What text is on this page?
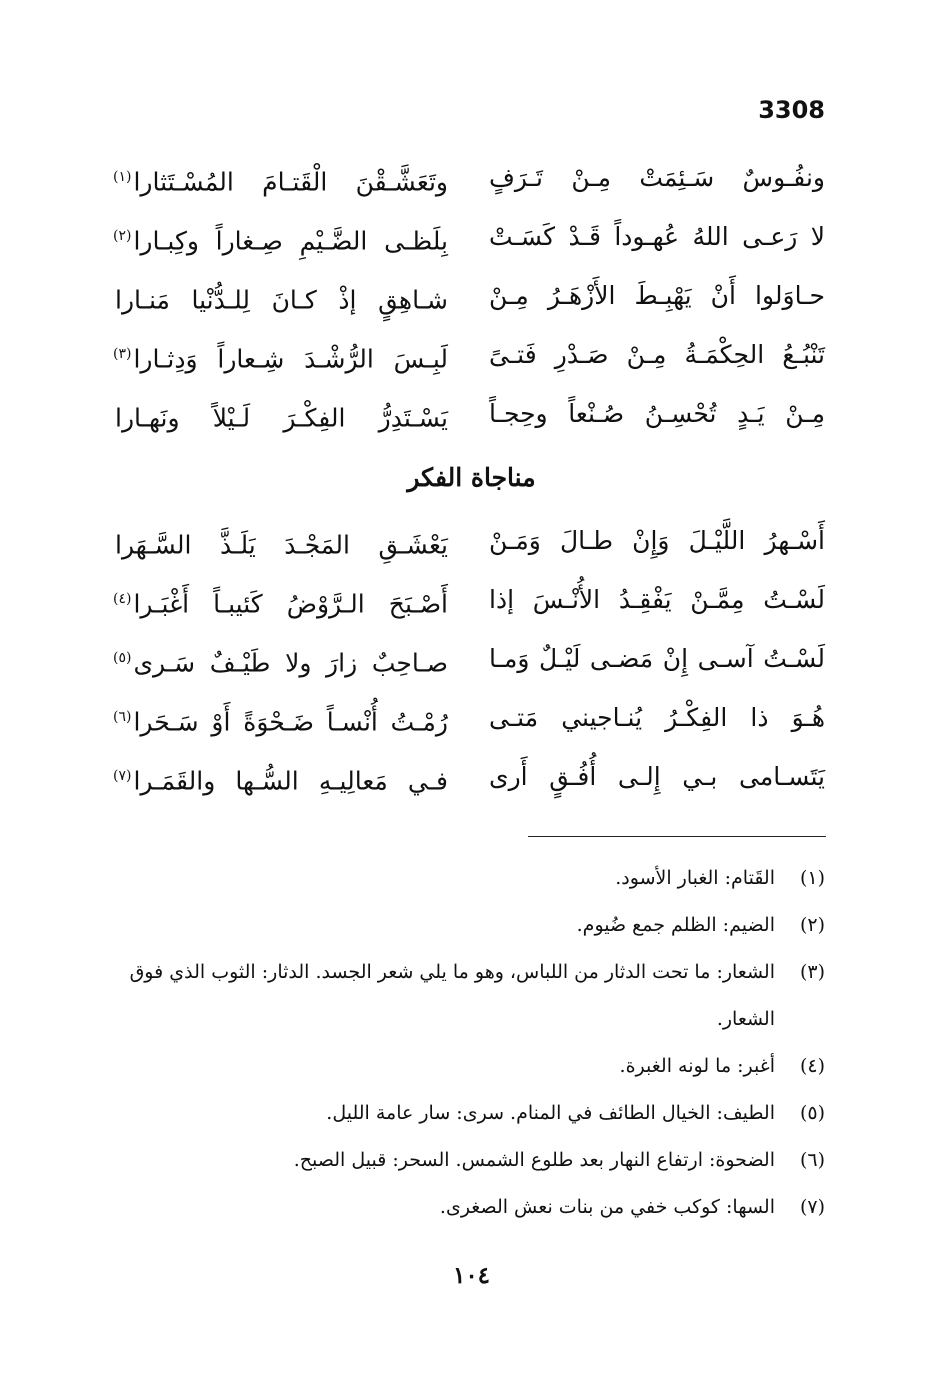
3308
ونفُـوسٌ سَـئِمَتْ مِـنْ تَـرَفٍ
وتَعَشَّـقْنَ الْقَتـامَ المُسْـتَثارا$^{(١)}$
لا رَعـى اللهُ عُهـوداً قَـدْ كَسَـتْ
بِلَظـى الضَّـيْمِ صِـغاراً وكِبـارا$^{(٢)}$
حـاوَلوا أَنْ يَهْبِـطَ الأَزْهَـرُ مِـنْ
شـاهِقٍ إذْ كـانَ لِلـدُّنْيا مَنـارا
تَنْبُـعُ الحِكْمَـةُ مِـنْ صَـدْرِ فَتـىً
لَبِـسَ الرُّشْـدَ شِـعاراً وَدِثـارا$^{(٣)}$
مِـنْ يَـدٍ تُحْسِـنُ صُـنْعاً وحِجـاً
يَسْـتَدِرُّ الفِكْـرَ لَـيْلاً ونَهـارا
مناجاة الفكر
أَسْـهرُ اللَّيْـلَ وَإِنْ طـالَ وَمَـنْ
يَعْشَـقِ المَجْـدَ يَلَـذَّ السَّـهَرا
لَسْـتُ مِمَّـنْ يَفْقِـدُ الأُنْـسَ إذا
أَصْـبَحَ الـرَّوْضُ كَئيبـاً أَغْبَـرا$^{(٤)}$
لَسْـتُ آسـى إِنْ مَضـى لَيْـلٌ وَمـا
صـاحِبٌ زارَ ولا طَيْـفٌ سَـرى$^{(٥)}$
هُـوَ ذا الفِكْـرُ يُنـاجيني مَتـى
رُمْـتُ أُنْسـاً ضَـحْوَةً أَوْ سَـحَرا$^{(٦)}$
يَتَسـامى بـي إِلـى أُفُـقٍ أَرى
فـي مَعالِيـهِ السُّـها والقَمَـرا$^{(٧)}$
(١)
القَتام: الغبار الأسود.
(٢)
الضيم: الظلم جمع ضُيوم.
(٣)
الشعار: ما تحت الدثار من اللباس، وهو ما يلي شعر الجسد. الدثار: الثوب الذي فوق الشعار.
(٤)
أغبر: ما لونه الغبرة.
(٥)
الطيف: الخيال الطائف في المنام. سرى: سار عامة الليل.
(٦)
الضحوة: ارتفاع النهار بعد طلوع الشمس. السحر: قبيل الصبح.
(٧)
السها: كوكب خفي من بنات نعش الصغرى.
١٠٤
